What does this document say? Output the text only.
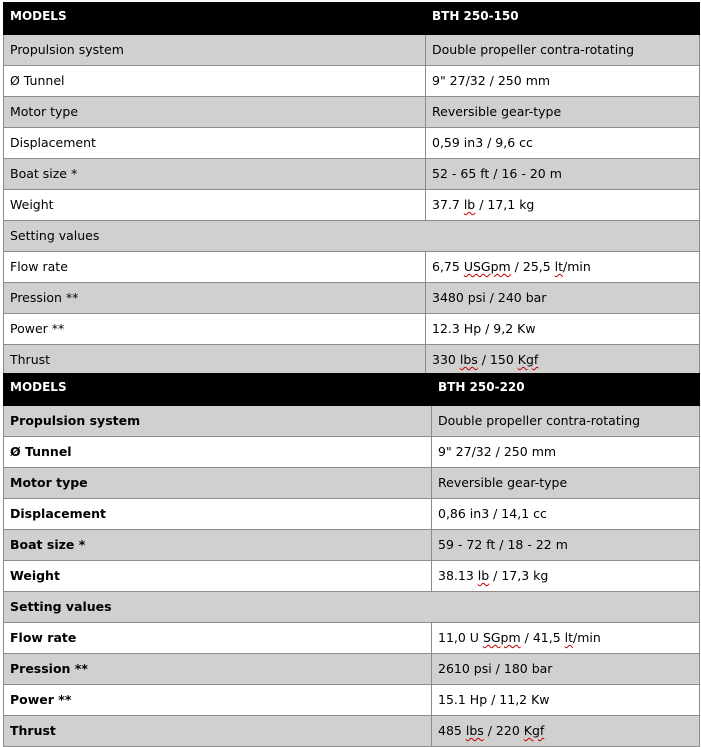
MODELS	BTH 250-150
Propulsion system	Double propeller contra-rotating
Ø Tunnel	9" 27/32 / 250 mm
Motor type	Reversible gear-type
Displacement	0,59 in3 / 9,6 cc
Boat size *	52 - 65 ft / 16 - 20 m
Weight	37.7 lb / 17,1 kg
Setting values	
Flow rate	6,75 USGpm / 25,5 lt/min
Pression **	3480 psi / 240 bar
Power **	12.3 Hp / 9,2 Kw
Thrust	330 lbs / 150 Kgf
MODELS	BTH 250-220
Propulsion system	Double propeller contra-rotating
Ø Tunnel	9" 27/32 / 250 mm
Motor type	Reversible gear-type
Displacement	0,86 in3 / 14,1 cc
Boat size *	59 - 72 ft / 18 - 22 m
Weight	38.13 lb / 17,3 kg
Setting values	
Flow rate	11,0 U SGpm / 41,5 lt/min
Pression **	2610 psi / 180 bar
Power **	15.1 Hp / 11,2 Kw
Thrust	485 lbs / 220 Kgf
